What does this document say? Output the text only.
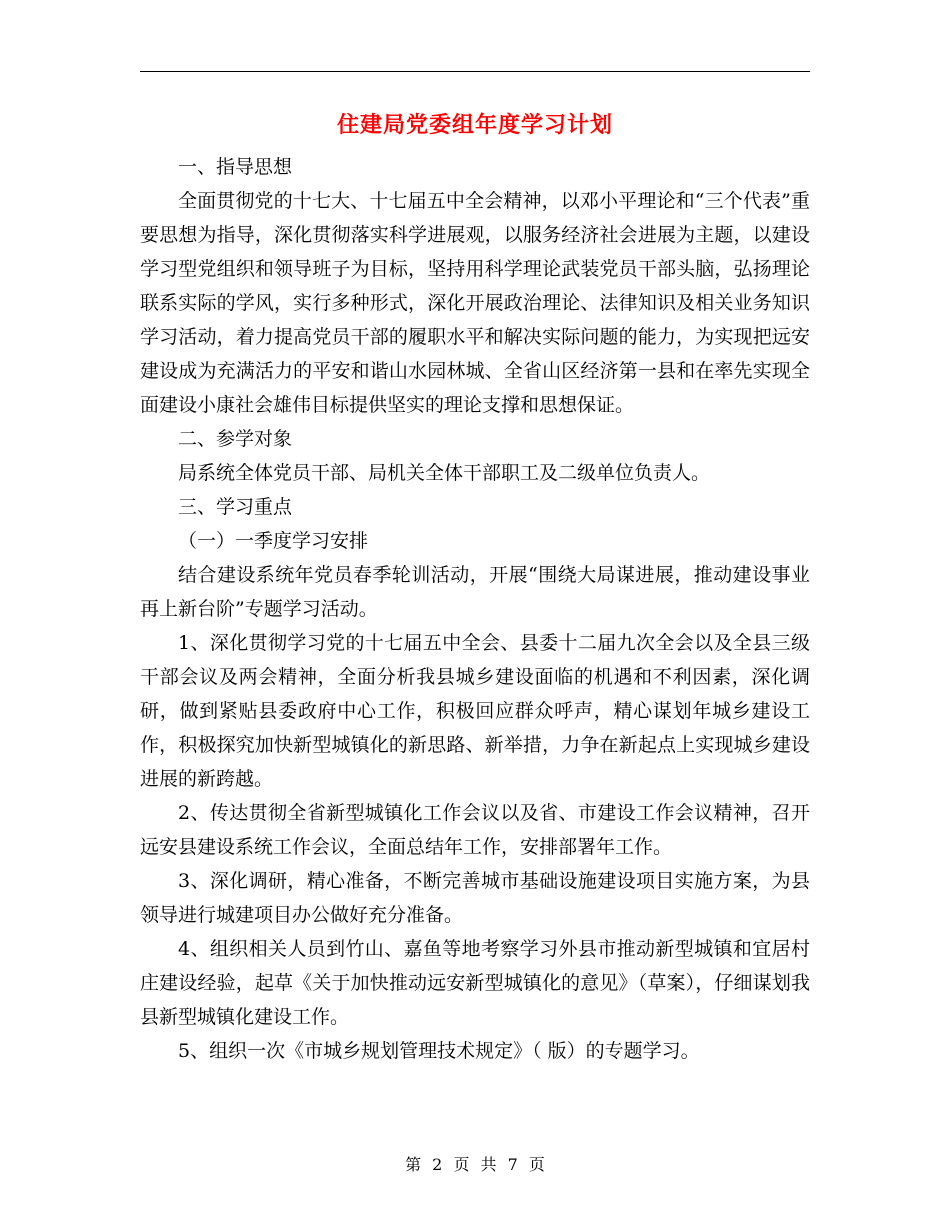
住建局党委组年度学习计划

一、指导思想

全面贯彻党的十七大、十七届五中全会精神，以邓小平理论和“三个代表”重要思想为指导，深化贯彻落实科学进展观，以服务经济社会进展为主题，以建设学习型党组织和领导班子为目标，坚持用科学理论武装党员干部头脑，弘扬理论联系实际的学风，实行多种形式，深化开展政治理论、法律知识及相关业务知识学习活动，着力提高党员干部的履职水平和解决实际问题的能力，为实现把远安建设成为充满活力的平安和谐山水园林城、全省山区经济第一县和在率先实现全面建设小康社会雄伟目标提供坚实的理论支撑和思想保证。

二、参学对象

局系统全体党员干部、局机关全体干部职工及二级单位负责人。

三、学习重点

（一）一季度学习安排

结合建设系统年党员春季轮训活动，开展“围绕大局谋进展，推动建设事业再上新台阶”专题学习活动。

1、深化贯彻学习党的十七届五中全会、县委十二届九次全会以及全县三级干部会议及两会精神，全面分析我县城乡建设面临的机遇和不利因素，深化调研，做到紧贴县委政府中心工作，积极回应群众呼声，精心谋划年城乡建设工作，积极探究加快新型城镇化的新思路、新举措，力争在新起点上实现城乡建设进展的新跨越。

2、传达贯彻全省新型城镇化工作会议以及省、市建设工作会议精神，召开远安县建设系统工作会议，全面总结年工作，安排部署年工作。

3、深化调研，精心准备，不断完善城市基础设施建设项目实施方案，为县领导进行城建项目办公做好充分准备。

4、组织相关人员到竹山、嘉鱼等地考察学习外县市推动新型城镇和宜居村庄建设经验，起草《关于加快推动远安新型城镇化的意见》（草案），仔细谋划我县新型城镇化建设工作。

5、组织一次《市城乡规划管理技术规定》（ 版）的专题学习。

第 2 页 共 7 页
